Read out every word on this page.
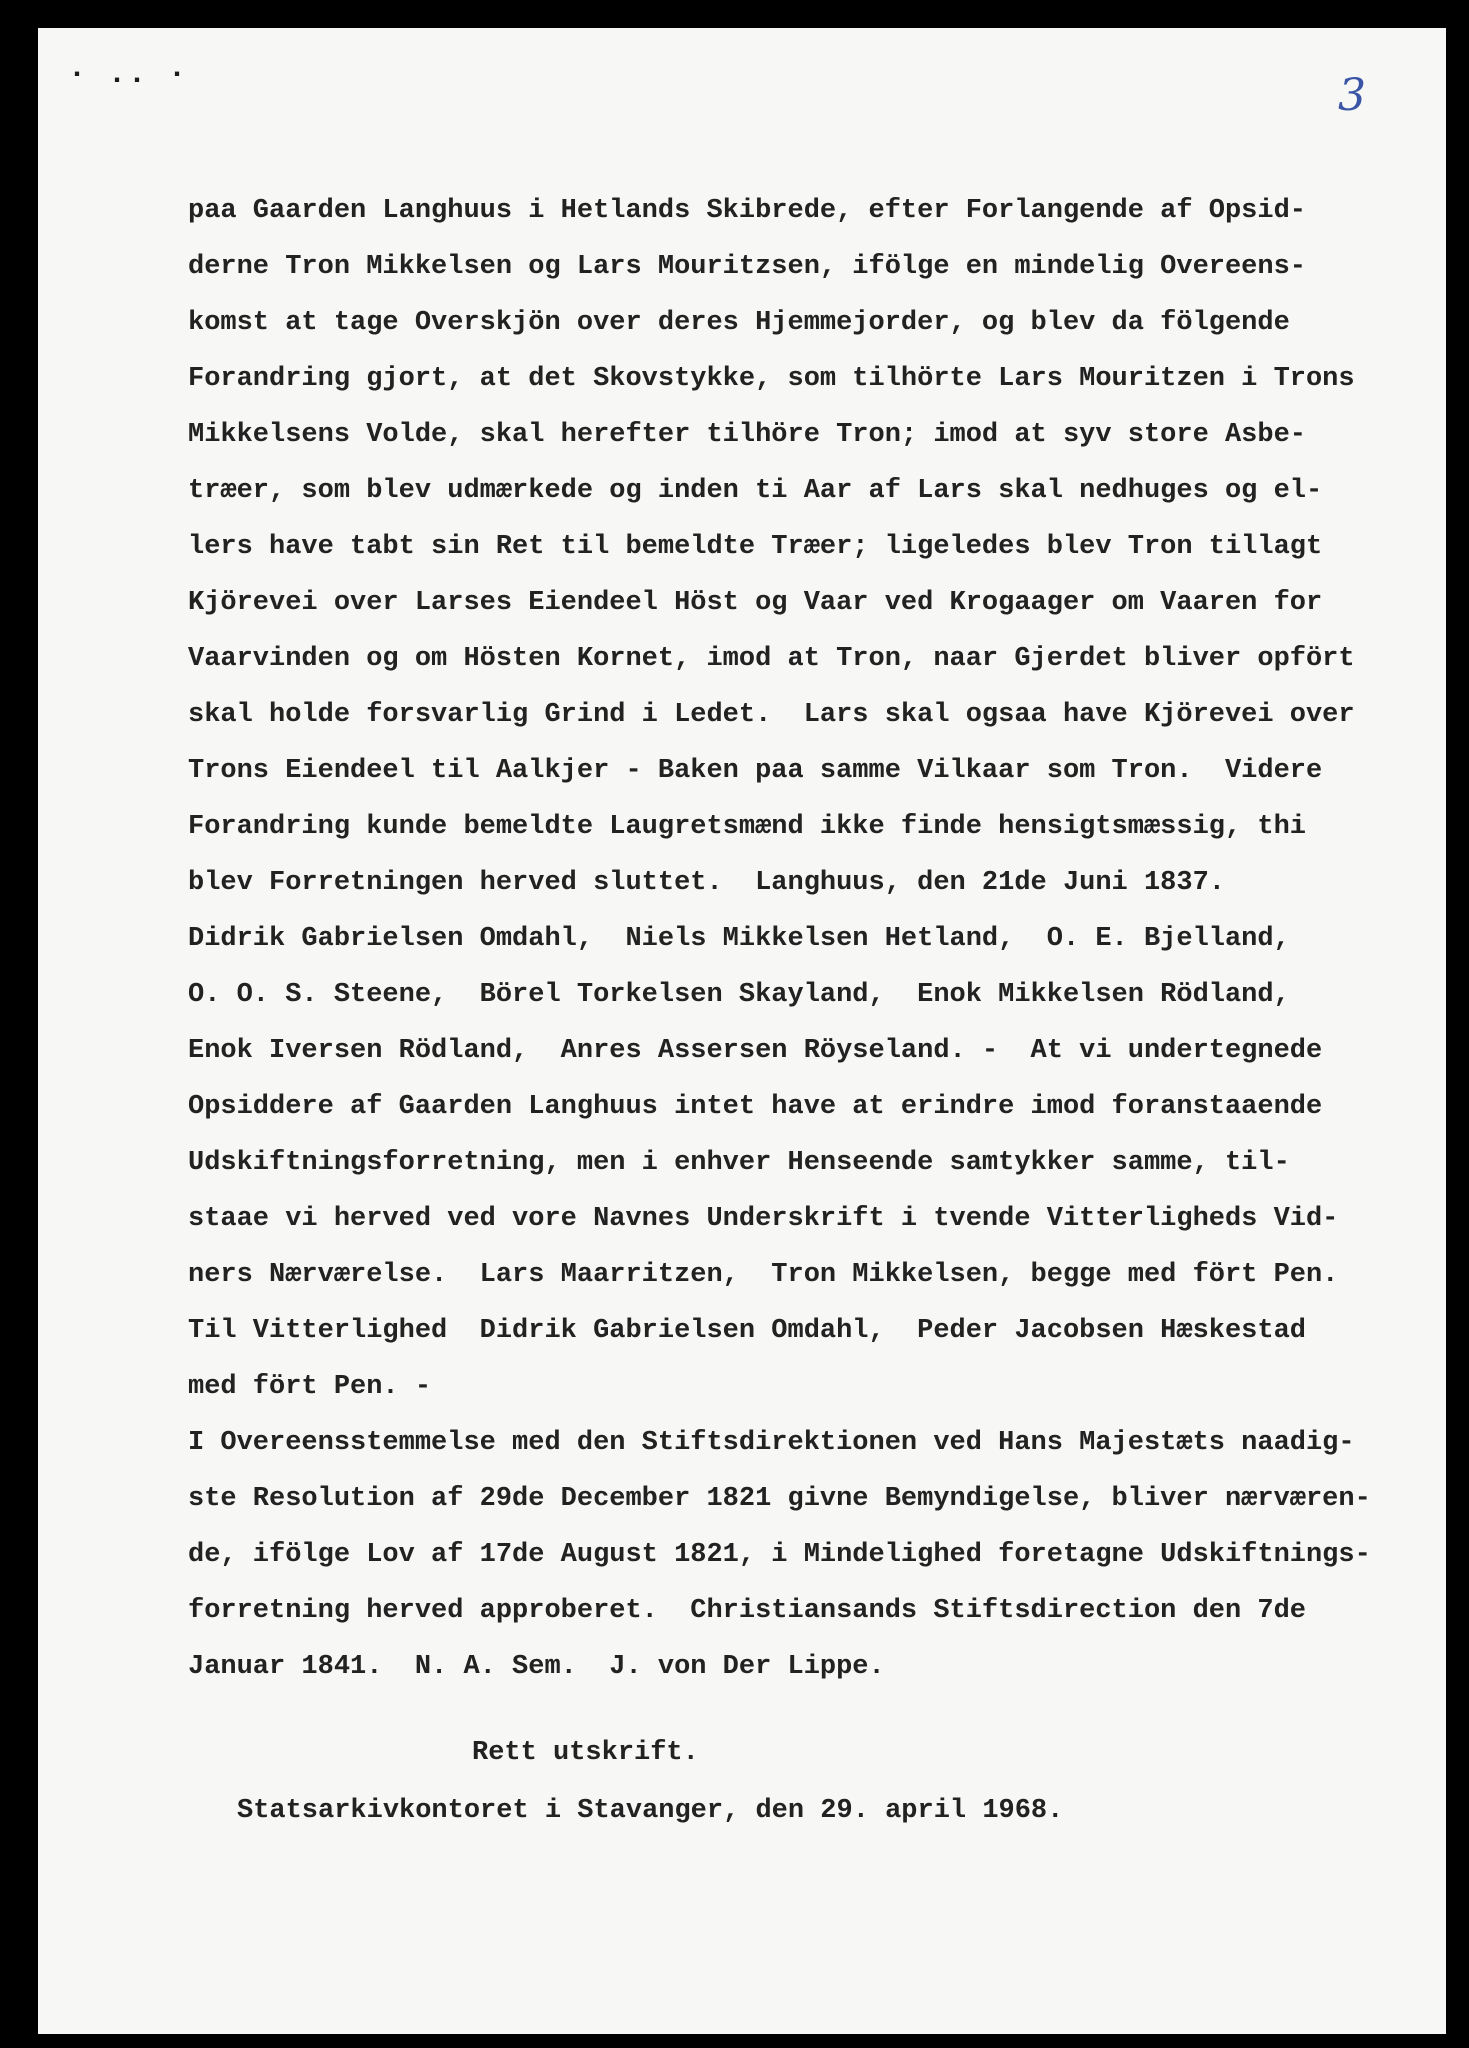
· .. ·	3
paa Gaarden Langhuus i Hetlands Skibrede, efter Forlangende af Opsid-
derne Tron Mikkelsen og Lars Mouritzsen, ifölge en mindelig Overeens-
komst at tage Overskjön over deres Hjemmejorder, og blev da fölgende
Forandring gjort, at det Skovstykke, som tilhörte Lars Mouritzen i Trons
Mikkelsens Volde, skal herefter tilhöre Tron; imod at syv store Asbe-
træer, som blev udmærkede og inden ti Aar af Lars skal nedhuges og el-
lers have tabt sin Ret til bemeldte Træer; ligeledes blev Tron tillagt
Kjörevei over Larses Eiendeel Höst og Vaar ved Krogaager om Vaaren for
Vaarvinden og om Hösten Kornet, imod at Tron, naar Gjerdet bliver opfört
skal holde forsvarlig Grind i Ledet.  Lars skal ogsaa have Kjörevei over
Trons Eiendeel til Aalkjer - Baken paa samme Vilkaar som Tron.  Videre
Forandring kunde bemeldte Laugretsmænd ikke finde hensigtsmæssig, thi
blev Forretningen herved sluttet.  Langhuus, den 21de Juni 1837.
Didrik Gabrielsen Omdahl,  Niels Mikkelsen Hetland,  O. E. Bjelland,
O. O. S. Steene,  Börel Torkelsen Skayland,  Enok Mikkelsen Rödland,
Enok Iversen Rödland,  Anres Assersen Röyseland. -  At vi undertegnede
Opsiddere af Gaarden Langhuus intet have at erindre imod foranstaaende
Udskiftningsforretning, men i enhver Henseende samtykker samme, til-
staae vi herved ved vore Navnes Underskrift i tvende Vitterligheds Vid-
ners Nærværelse.  Lars Maarritzen,  Tron Mikkelsen, begge med fört Pen.
Til Vitterlighed  Didrik Gabrielsen Omdahl,  Peder Jacobsen Hæskestad
med fört Pen. -
I Overeensstemmelse med den Stiftsdirektionen ved Hans Majestæts naadig-
ste Resolution af 29de December 1821 givne Bemyndigelse, bliver nærværen-
de, ifölge Lov af 17de August 1821, i Mindelighed foretagne Udskiftnings-
forretning herved approberet.  Christiansands Stiftsdirection den 7de
Januar 1841.  N. A. Sem.  J. von Der Lippe.
Rett utskrift.
Statsarkivkontoret i Stavanger, den 29. april 1968.
